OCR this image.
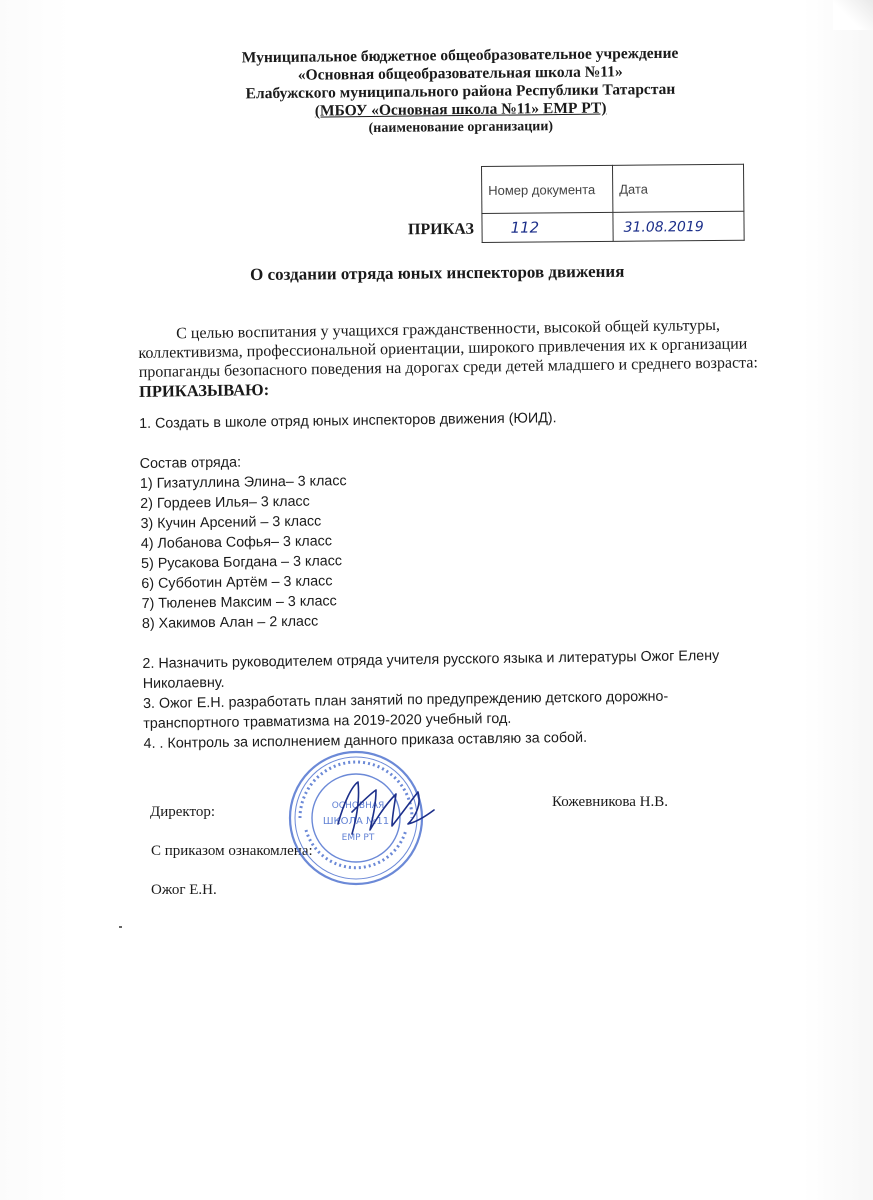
Муниципальное бюджетное общеобразовательное учреждение
«Основная общеобразовательная школа №11»
Елабужского муниципального района Республики Татарстан
(МБОУ «Основная школа №11» ЕМР РТ)
(наименование организации)
Номер документа	Дата
112	31.08.2019
ПРИКАЗ
О создании отряда юных инспекторов движения
С целью воспитания у учащихся гражданственности, высокой общей культуры,
коллективизма, профессиональной ориентации, широкого привлечения их к организации
пропаганды безопасного поведения на дорогах среди детей младшего и среднего возраста:
ПРИКАЗЫВАЮ:
1. Создать в школе отряд юных инспекторов движения (ЮИД).
Состав отряда:
1) Гизатуллина Элина– 3 класс
2) Гордеев Илья– 3 класс
3) Кучин Арсений – 3 класс
4) Лобанова Софья– 3 класс
5) Русакова Богдана – 3 класс
6) Субботин Артём – 3 класс
7) Тюленев Максим – 3 класс
8) Хакимов Алан – 2 класс
2. Назначить руководителем отряда учителя русского языка и литературы Ожог Елену
Николаевну.
3. Ожог Е.Н. разработать план занятий по предупреждению детского дорожно-
транспортного травматизма на 2019-2020 учебный год.
4. . Контроль за исполнением данного приказа оставляю за собой.
Директор:
Кожевникова Н.В.
С приказом ознакомлена:
Ожог Е.Н.
ОСНОВНАЯ
ШКОЛА №11
ЕМР РТ
